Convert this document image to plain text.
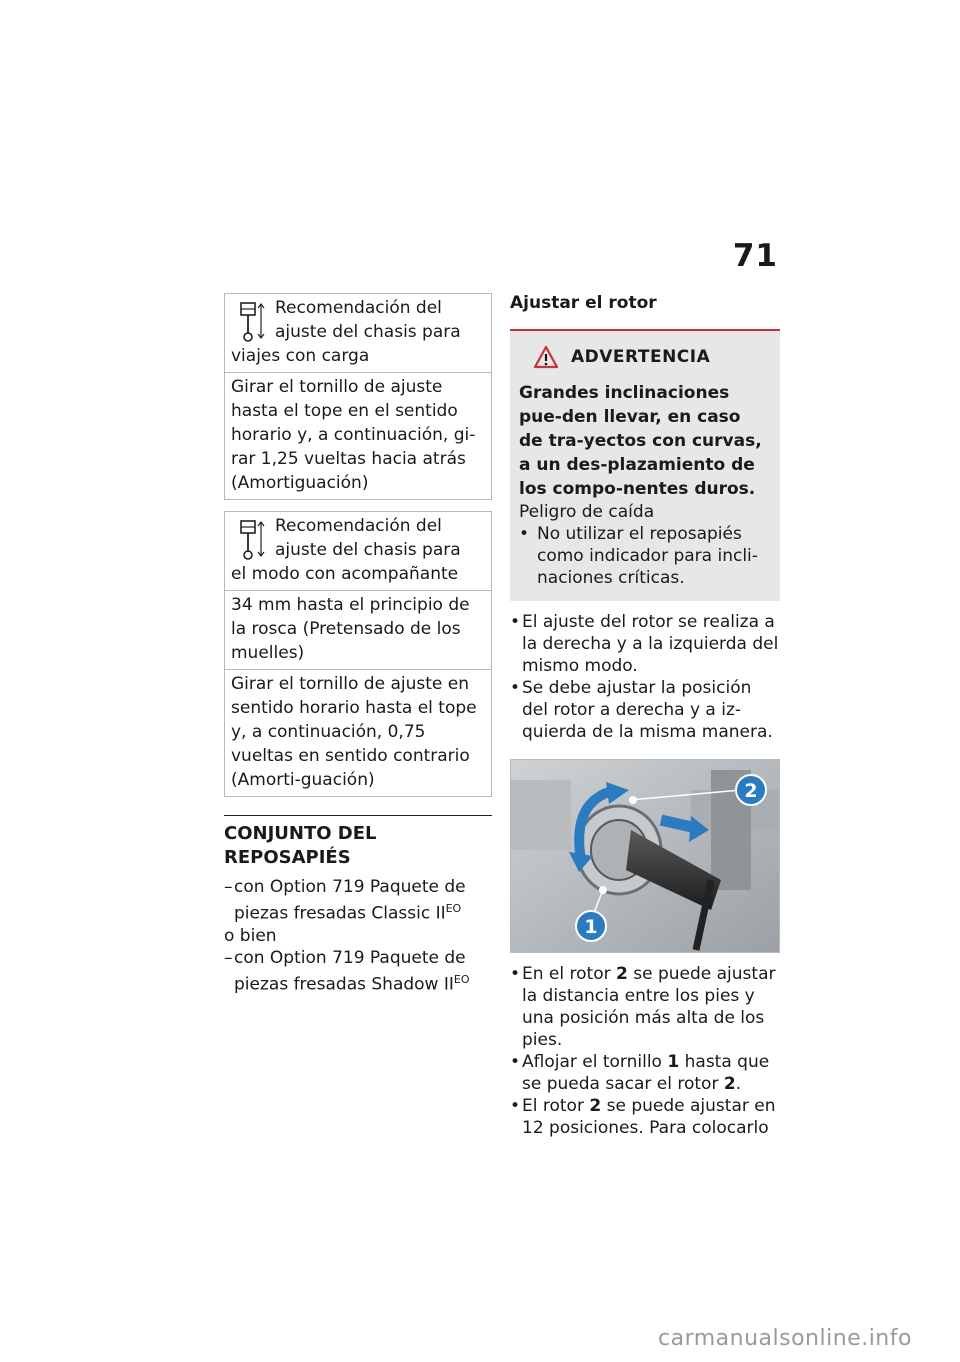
71
Recomendación del
ajuste del chasis para
viajes con carga
Girar el tornillo de ajuste hasta el tope en el sentido horario y, a continuación, gi-rar 1,25 vueltas hacia atrás (Amortiguación)
Recomendación del
ajuste del chasis para
el modo con acompañante
34 mm hasta el principio de la rosca (Pretensado de los muelles)
Girar el tornillo de ajuste en sentido horario hasta el tope y, a continuación, 0,75 vueltas en sentido contrario (Amorti-guación)
CONJUNTO DEL REPOSAPIÉS
–con Option 719 Paquete de
piezas fresadas Classic $II^{EO}$
o bien
–con Option 719 Paquete de
piezas fresadas Shadow $II^{EO}$
Ajustar el rotor
ADVERTENCIA
Grandes inclinaciones pue-den llevar, en caso de tra-yectos con curvas, a un des-plazamiento de los compo-nentes duros.
Peligro de caída
• No utilizar el reposapiés
como indicador para incli-
naciones críticas.
• El ajuste del rotor se realiza a
la derecha y a la izquierda del
mismo modo.
• Se debe ajustar la posición
del rotor a derecha y a iz-
quierda de la misma manera.
2
1
• En el rotor 2 se puede ajustar
la distancia entre los pies y
una posición más alta de los
pies.
• Aflojar el tornillo 1 hasta que
se pueda sacar el rotor 2.
• El rotor 2 se puede ajustar en
12 posiciones. Para colocarlo
carmanualsonline.info
